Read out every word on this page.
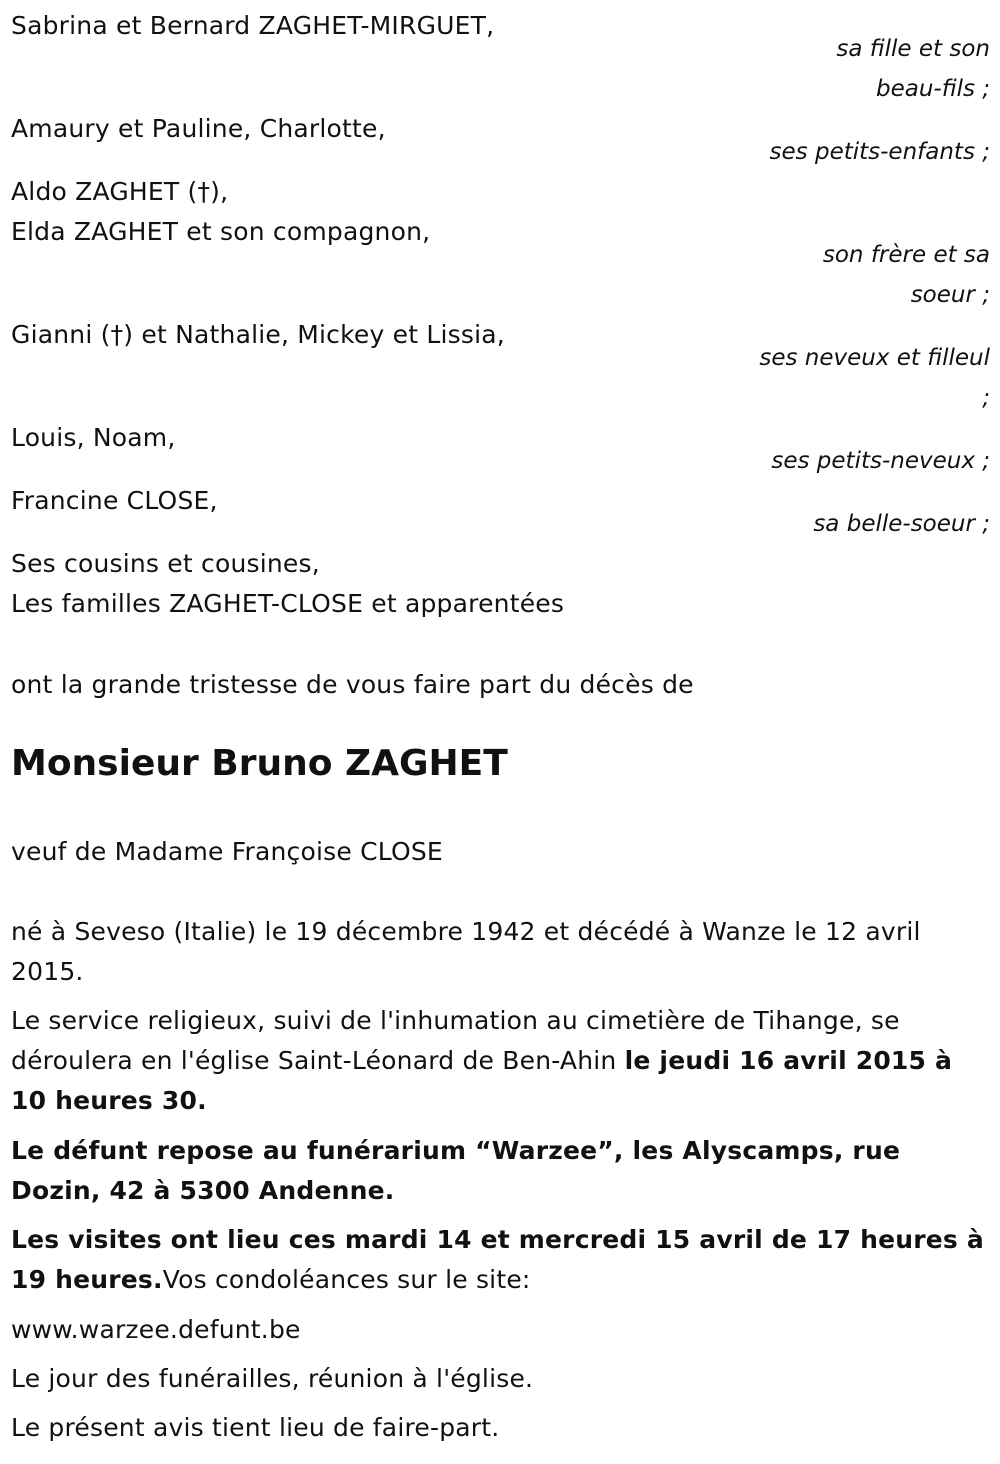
Sabrina et Bernard ZAGHET-MIRGUET,
sa fille et son
beau-fils ;
Amaury et Pauline, Charlotte,
ses petits-enfants ;
Aldo ZAGHET (†),
Elda ZAGHET et son compagnon,
son frère et sa
soeur ;
Gianni (†) et Nathalie, Mickey et Lissia,
ses neveux et filleul
;
Louis, Noam,
ses petits-neveux ;
Francine CLOSE,
sa belle-soeur ;
Ses cousins et cousines,
Les familles ZAGHET-CLOSE et apparentées
ont la grande tristesse de vous faire part du décès de
Monsieur Bruno ZAGHET
veuf de Madame Françoise CLOSE
né à Seveso (Italie) le 19 décembre 1942 et décédé à Wanze le 12 avril 2015.
Le service religieux, suivi de l'inhumation au cimetière de Tihange, se déroulera en l'église Saint-Léonard de Ben-Ahin le jeudi 16 avril 2015 à 10 heures 30.
Le défunt repose au funérarium “Warzee”, les Alyscamps, rue Dozin, 42 à 5300 Andenne.
Les visites ont lieu ces mardi 14 et mercredi 15 avril de 17 heures à 19 heures.Vos condoléances sur le site:
www.warzee.defunt.be
Le jour des funérailles, réunion à l'église.
Le présent avis tient lieu de faire-part.
